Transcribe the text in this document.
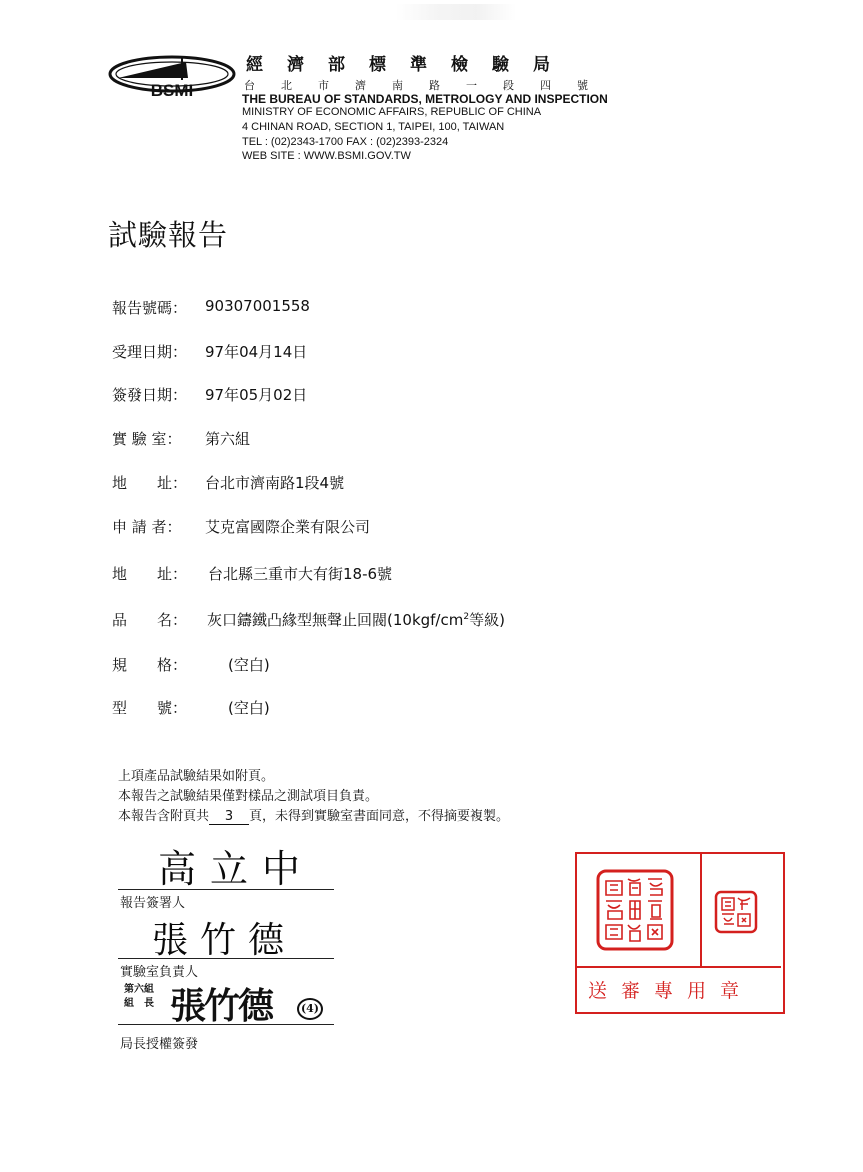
BSMI
經濟部標準檢驗局
台北市濟南路一段四號
THE BUREAU OF STANDARDS, METROLOGY AND INSPECTION
MINISTRY OF ECONOMIC AFFAIRS, REPUBLIC OF CHINA
4 CHINAN ROAD, SECTION 1, TAIPEI, 100, TAIWAN
TEL : (02)2343-1700 FAX : (02)2393-2324
WEB SITE : WWW.BSMI.GOV.TW
試驗報告
報告號碼：	90307001558
受理日期：	97年04月14日
簽發日期：	97年05月02日
實 驗 室：	第六組
地　　址：	台北市濟南路1段4號
申 請 者：	艾克富國際企業有限公司
地　　址：	台北縣三重市大有街18-6號
品　　名：	灰口鑄鐵凸緣型無聲止回閥($10kgf/cm^2$等級)
規　　格：	(空白)
型　　號：	(空白)
上項產品試驗結果如附頁。
本報告之試驗結果僅對樣品之測試項目負責。
本報告含附頁共 3 頁，未得到實驗室書面同意，不得摘要複製。
高立中
報告簽署人
張竹德
實驗室負責人
第六組
組　長 張竹德	(4)
局長授權簽發
送審專用章
